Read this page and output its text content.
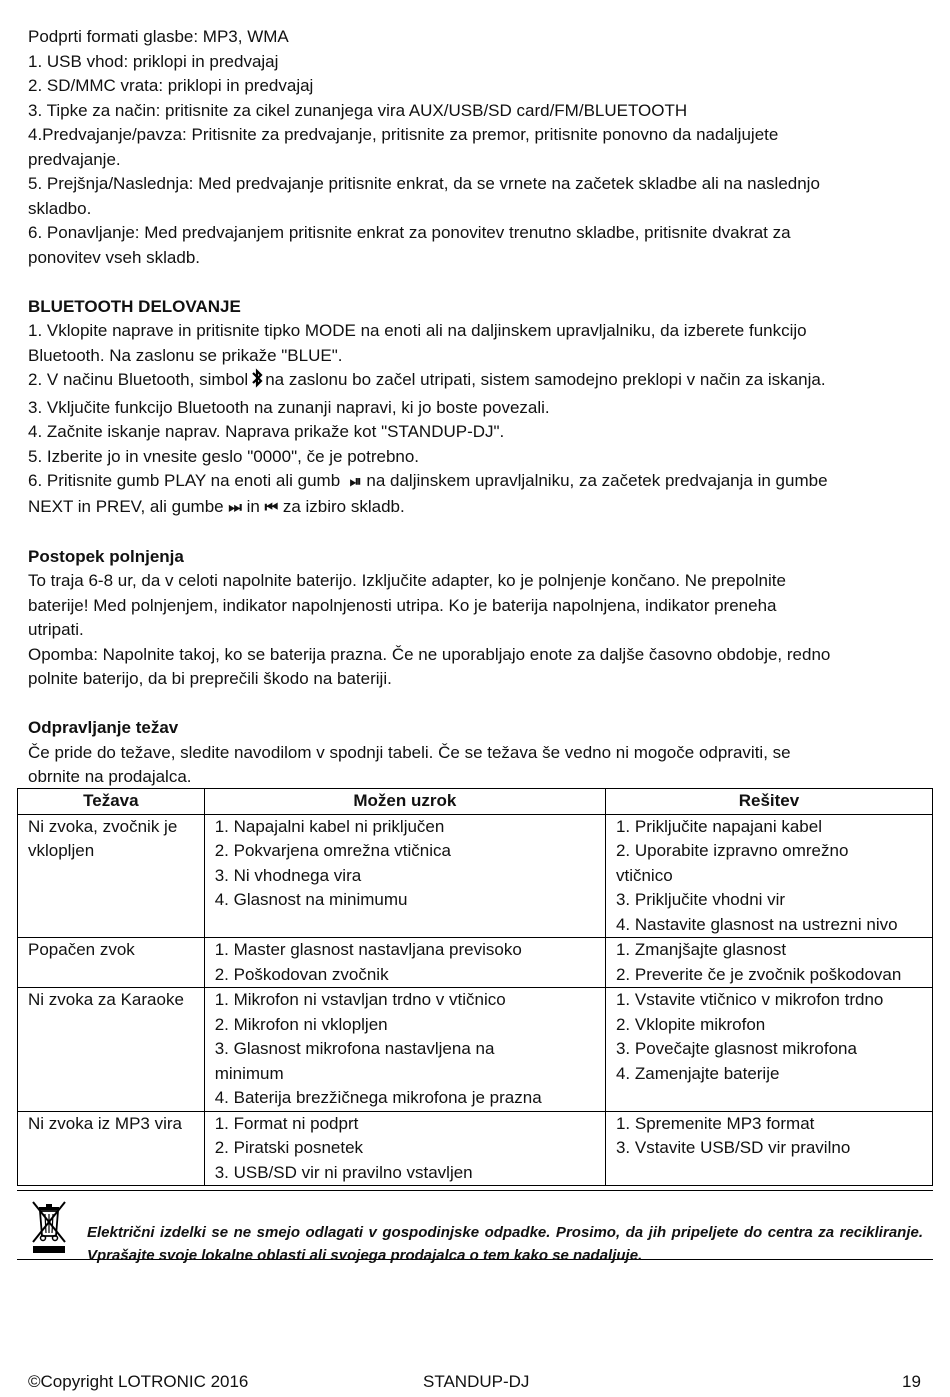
Podprti formati glasbe: MP3, WMA

1. USB vhod: priklopi in predvajaj

2. SD/MMC vrata: priklopi in predvajaj

3. Tipke za način: pritisnite za cikel zunanjega vira AUX/USB/SD card/FM/BLUETOOTH

4.Predvajanje/pavza: Pritisnite za predvajanje, pritisnite za premor, pritisnite ponovno da nadaljujete

predvajanje.

5. Prejšnja/Naslednja: Med predvajanje pritisnite enkrat, da se vrnete na začetek skladbe ali na naslednjo

skladbo.

6. Ponavljanje: Med predvajanjem pritisnite enkrat za ponovitev trenutno skladbe, pritisnite dvakrat za

ponovitev vseh skladb.

BLUETOOTH DELOVANJE

1. Vklopite naprave in pritisnite tipko MODE na enoti ali na daljinskem upravljalniku, da izberete funkcijo

Bluetooth. Na zaslonu se prikaže "BLUE".

2. V načinu Bluetooth, simbol na zaslonu bo začel utripati, sistem samodejno preklopi v način za iskanja.

3. Vključite funkcijo Bluetooth na zunanji napravi, ki jo boste povezali.

4. Začnite iskanje naprav. Naprava prikaže kot "STANDUP-DJ".

5. Izberite jo in vnesite geslo "0000", če je potrebno.

6. Pritisnite gumb PLAY na enoti ali gumb ⏯ na daljinskem upravljalniku, za začetek predvajanja in gumbe

NEXT in PREV, ali gumbe ⏭ in ⏮ za izbiro skladb.

Postopek polnjenja

To traja 6-8 ur, da v celoti napolnite baterijo. Izključite adapter, ko je polnjenje končano. Ne prepolnite

baterije! Med polnjenjem, indikator napolnjenosti utripa. Ko je baterija napolnjena, indikator preneha

utripati.

Opomba: Napolnite takoj, ko se baterija prazna. Če ne uporabljajo enote za daljše časovno obdobje, redno

polnite baterijo, da bi preprečili škodo na bateriji.

Odpravljanje težav

Če pride do težave, sledite navodilom v spodnji tabeli. Če se težava še vedno ni mogoče odpraviti, se

obrnite na prodajalca.

Težava	Možen uzrok	Rešitev

Ni zvoka, zvočnik je
vklopljen	1. Napajalni kabel ni priključen
2. Pokvarjena omrežna vtičnica
3. Ni vhodnega vira
4. Glasnost na minimumu	1. Priključite napajani kabel
2. Uporabite izpravno omrežno
vtičnico
3. Priključite vhodni vir
4. Nastavite glasnost na ustrezni nivo

Popačen zvok	1. Master glasnost nastavljana previsoko
2. Poškodovan zvočnik	1. Zmanjšajte glasnost
2. Preverite če je zvočnik poškodovan

Ni zvoka za Karaoke	1. Mikrofon ni vstavljan trdno v vtičnico
2. Mikrofon ni vklopljen
3. Glasnost mikrofona nastavljena na
minimum
4. Baterija brezžičnega mikrofona je prazna	1. Vstavite vtičnico v mikrofon trdno
2. Vklopite mikrofon
3. Povečajte glasnost mikrofona
4. Zamenjajte baterije

Ni zvoka iz MP3 vira	1. Format ni podprt
2. Piratski posnetek
3. USB/SD vir ni pravilno vstavljen	1. Spremenite MP3 format
3. Vstavite USB/SD vir pravilno

Električni izdelki se ne smejo odlagati v gospodinjske odpadke. Prosimo, da jih pripeljete do centra za recikliranje. Vprašajte svoje lokalne oblasti ali svojega prodajalca o tem kako se nadaljuje.

©Copyright LOTRONIC 2016	STANDUP-DJ	19
